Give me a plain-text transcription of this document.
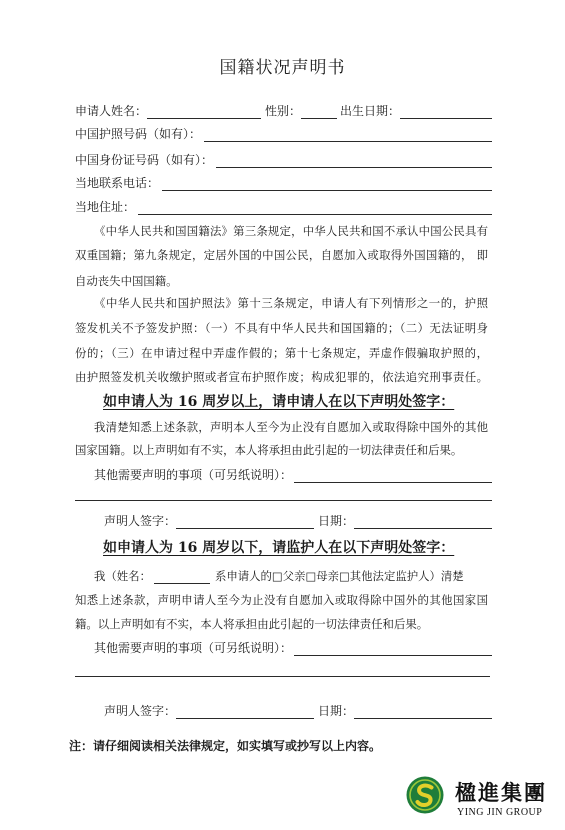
国籍状况声明书
申请人姓名：	性别：	出生日期：
中国护照号码（如有）：
中国身份证号码（如有）：
当地联系电话：
当地住址：
《中华人民共和国国籍法》第三条规定，中华人民共和国不承认中国公民具有
双重国籍；第九条规定，定居外国的中国公民，自愿加入或取得外国国籍的， 即
自动丧失中国国籍。
《中华人民共和国护照法》第十三条规定，申请人有下列情形之一的，护照
签发机关不予签发护照：（一）不具有中华人民共和国国籍的；（二）无法证明身
份的；（三）在申请过程中弄虚作假的；第十七条规定，弄虚作假骗取护照的，
由护照签发机关收缴护照或者宣布护照作废；构成犯罪的，依法追究刑事责任。
如申请人为 16 周岁以上，请申请人在以下声明处签字：
我清楚知悉上述条款，声明本人至今为止没有自愿加入或取得除中国外的其他
国家国籍。以上声明如有不实，本人将承担由此引起的一切法律责任和后果。
其他需要声明的事项（可另纸说明）：
声明人签字：	日期：
如申请人为 16 周岁以下，请监护人在以下声明处签字：
我（姓名：	系申请人的□父亲□母亲□其他法定监护人）清楚
知悉上述条款，声明申请人至今为止没有自愿加入或取得除中国外的其他国家国
籍。以上声明如有不实，本人将承担由此引起的一切法律责任和后果。
其他需要声明的事项（可另纸说明）：
声明人签字：	日期：
注：请仔细阅读相关法律规定，如实填写或抄写以上内容。
楹進集團
YING JIN GROUP
